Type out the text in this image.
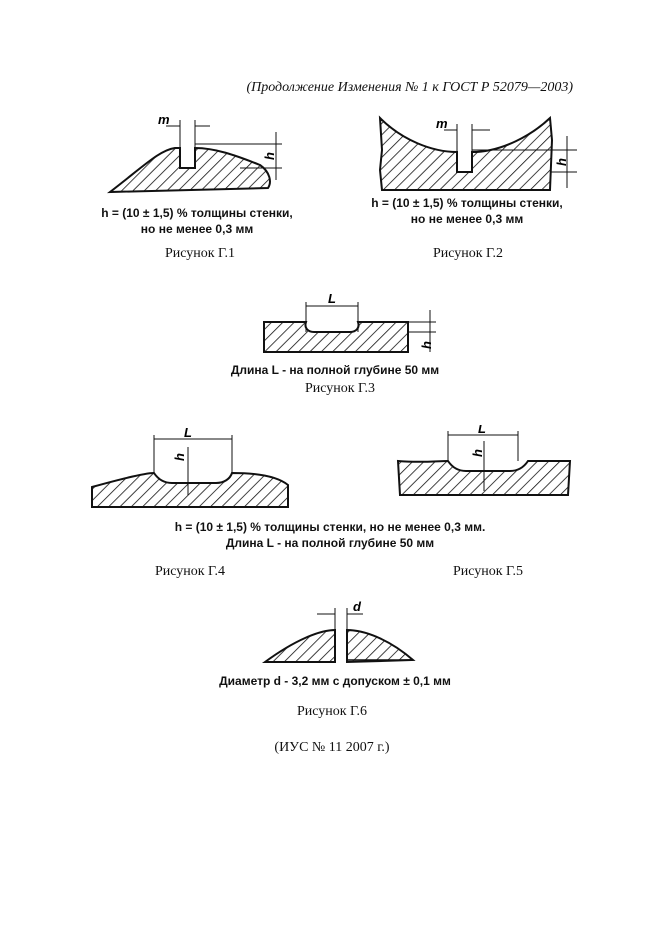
(Продолжение Изменения № 1 к ГОСТ Р 52079—2003)
m
h
h = (10 ± 1,5) % толщины стенки,
но не менее 0,3 мм
Рисунок Г.1
m
h
h = (10 ± 1,5) % толщины стенки,
но не менее 0,3 мм
Рисунок Г.2
L
h
Длина L - на полной глубине 50 мм
Рисунок Г.3
L
h
L
h
h = (10 ± 1,5) % толщины стенки, но не менее 0,3 мм.
Длина L - на полной глубине 50 мм
Рисунок Г.4	Рисунок Г.5
d
Диаметр d - 3,2 мм с допуском ± 0,1 мм
Рисунок Г.6
(ИУС № 11 2007 г.)
